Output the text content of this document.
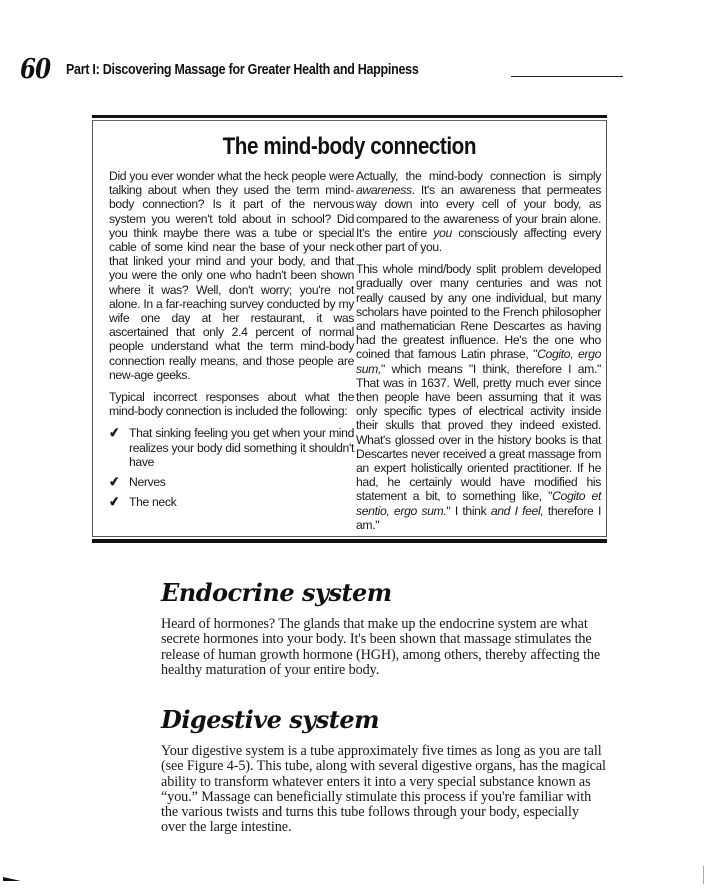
60 Part I: Discovering Massage for Greater Health and Happiness
The mind-body connection

Did you ever wonder what the heck people were talking about when they used the term mind-body connection? Is it part of the nervous system you weren't told about in school? Did you think maybe there was a tube or special cable of some kind near the base of your neck that linked your mind and your body, and that you were the only one who hadn't been shown where it was? Well, don't worry; you're not alone. In a far-reaching survey conducted by my wife one day at her restaurant, it was ascertained that only 2.4 percent of normal people understand what the term mind-body connection really means, and those people are new-age geeks.

Typical incorrect responses about what the mind-body connection is included the following:

✔ That sinking feeling you get when your mind realizes your body did something it shouldn't have
✔ Nerves
✔ The neck

Actually, the mind-body connection is simply awareness. It's an awareness that permeates way down into every cell of your body, as compared to the awareness of your brain alone. It's the entire you consciously affecting every other part of you.

This whole mind/body split problem developed gradually over many centuries and was not really caused by any one individual, but many scholars have pointed to the French philosopher and mathematician Rene Descartes as having had the greatest influence. He's the one who coined that famous Latin phrase, "Cogito, ergo sum," which means "I think, therefore I am." That was in 1637. Well, pretty much ever since then people have been assuming that it was only specific types of electrical activity inside their skulls that proved they indeed existed. What's glossed over in the history books is that Descartes never received a great massage from an expert holistically oriented practitioner. If he had, he certainly would have modified his statement a bit, to something like, "Cogito et sentio, ergo sum." I think and I feel, therefore I am."

Endocrine system

Heard of hormones? The glands that make up the endocrine system are what secrete hormones into your body. It's been shown that massage stimulates the release of human growth hormone (HGH), among others, thereby affecting the healthy maturation of your entire body.

Digestive system

Your digestive system is a tube approximately five times as long as you are tall (see Figure 4-5). This tube, along with several digestive organs, has the magical ability to transform whatever enters it into a very special substance known as “you.” Massage can beneficially stimulate this process if you're familiar with the various twists and turns this tube follows through your body, especially over the large intestine.
